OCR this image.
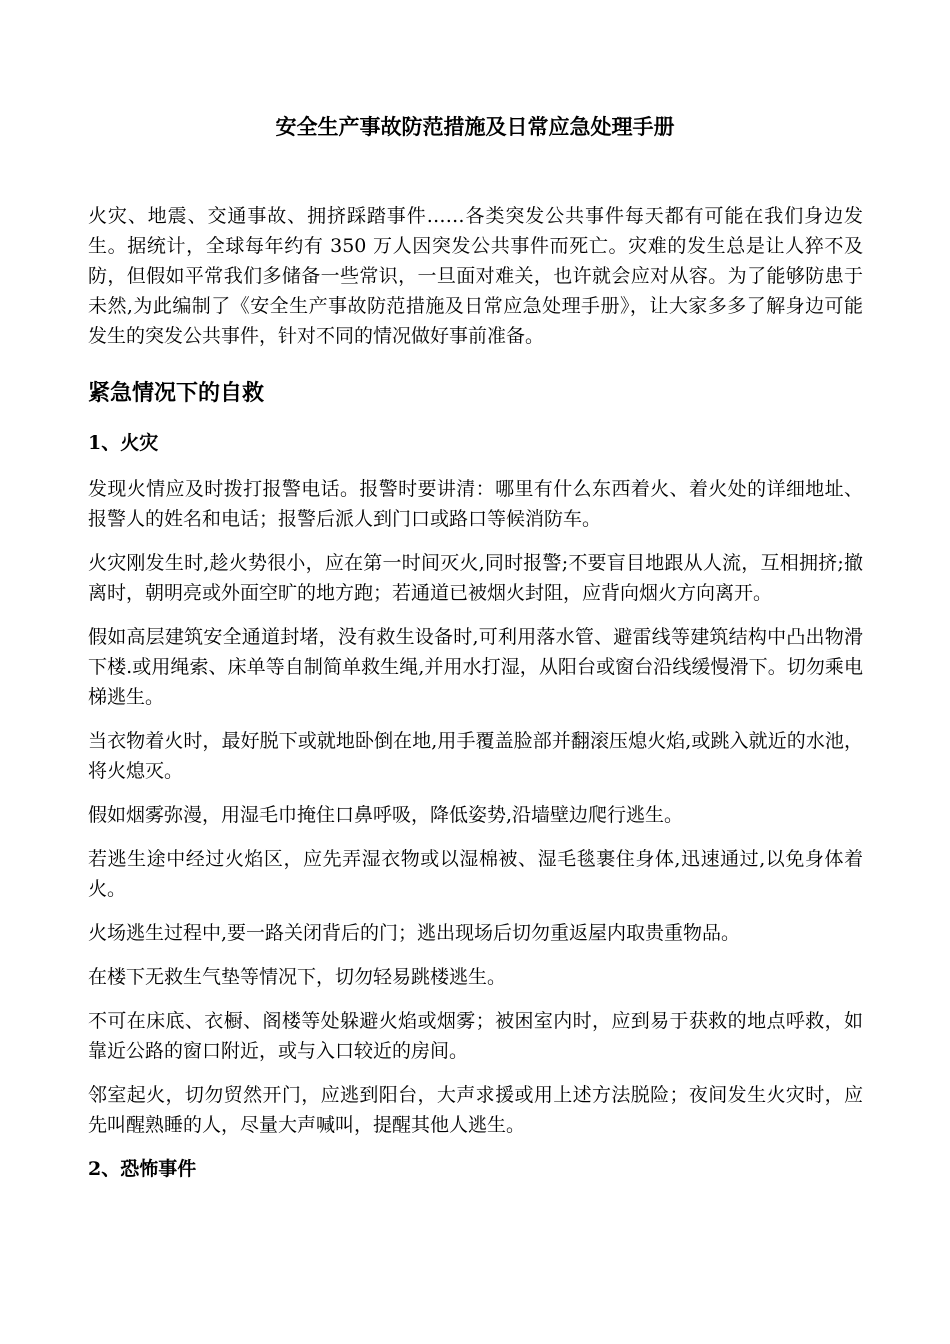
安全生产事故防范措施及日常应急处理手册

火灾、地震、交通事故、拥挤踩踏事件……各类突发公共事件每天都有可能在我们身边发生。据统计，全球每年约有 350 万人因突发公共事件而死亡。灾难的发生总是让人猝不及防，但假如平常我们多储备一些常识，一旦面对难关，也许就会应对从容。为了能够防患于未然,为此编制了《安全生产事故防范措施及日常应急处理手册》，让大家多多了解身边可能发生的突发公共事件，针对不同的情况做好事前准备。

紧急情况下的自救
1、火灾

发现火情应及时拨打报警电话。报警时要讲清：哪里有什么东西着火、着火处的详细地址、报警人的姓名和电话；报警后派人到门口或路口等候消防车。

火灾刚发生时,趁火势很小，应在第一时间灭火,同时报警;不要盲目地跟从人流，互相拥挤;撤离时，朝明亮或外面空旷的地方跑；若通道已被烟火封阻，应背向烟火方向离开。

假如高层建筑安全通道封堵，没有救生设备时,可利用落水管、避雷线等建筑结构中凸出物滑下楼.或用绳索、床单等自制简单救生绳,并用水打湿，从阳台或窗台沿线缓慢滑下。切勿乘电梯逃生。

当衣物着火时，最好脱下或就地卧倒在地,用手覆盖脸部并翻滚压熄火焰,或跳入就近的水池，将火熄灭。

假如烟雾弥漫，用湿毛巾掩住口鼻呼吸，降低姿势,沿墙壁边爬行逃生。

若逃生途中经过火焰区，应先弄湿衣物或以湿棉被、湿毛毯裹住身体,迅速通过,以免身体着火。

火场逃生过程中,要一路关闭背后的门；逃出现场后切勿重返屋内取贵重物品。

在楼下无救生气垫等情况下，切勿轻易跳楼逃生。

不可在床底、衣橱、阁楼等处躲避火焰或烟雾；被困室内时，应到易于获救的地点呼救，如靠近公路的窗口附近，或与入口较近的房间。

邻室起火，切勿贸然开门，应逃到阳台，大声求援或用上述方法脱险；夜间发生火灾时，应先叫醒熟睡的人，尽量大声喊叫，提醒其他人逃生。

2、恐怖事件
